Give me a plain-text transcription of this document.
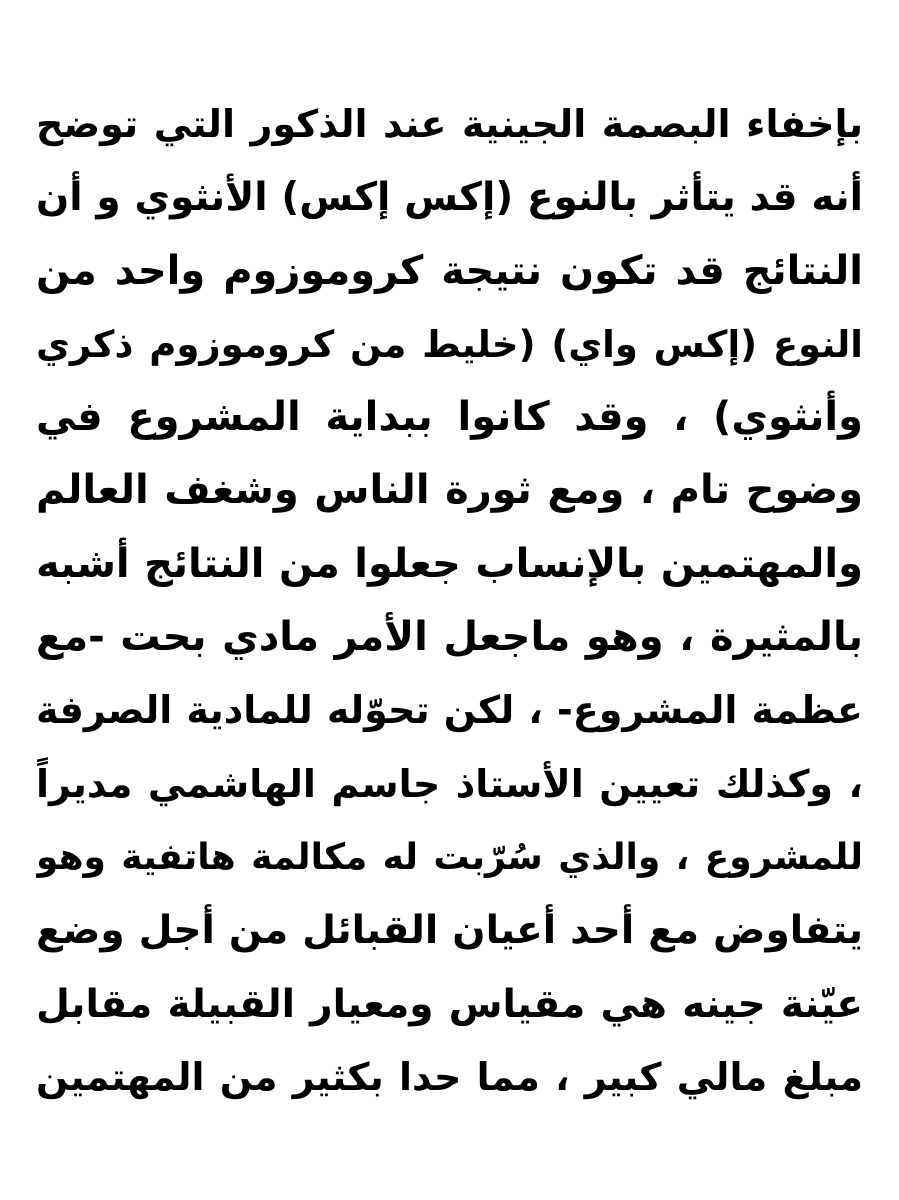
بإخفاء البصمة الجينية عند الذكور التي توضح
أنه قد يتأثر بالنوع (إكس إكس) الأنثوي و أن
النتائج قد تكون نتيجة كروموزوم واحد من
النوع (إكس واي) (خليط من كروموزوم ذكري
وأنثوي) ، وقد كانوا ببداية المشروع في
وضوح تام ، ومع ثورة الناس وشغف العالم
والمهتمين بالإنساب جعلوا من النتائج أشبه
بالمثيرة ، وهو ماجعل الأمر مادي بحت -مع
عظمة المشروع- ، لكن تحوّله للمادية الصرفة
، وكذلك تعيين الأستاذ جاسم الهاشمي مديراً
للمشروع ، والذي سُرّبت له مكالمة هاتفية وهو
يتفاوض مع أحد أعيان القبائل من أجل وضع
عيّنة جينه هي مقياس ومعيار القبيلة مقابل
مبلغ مالي كبير ، مما حدا بكثير من المهتمين
